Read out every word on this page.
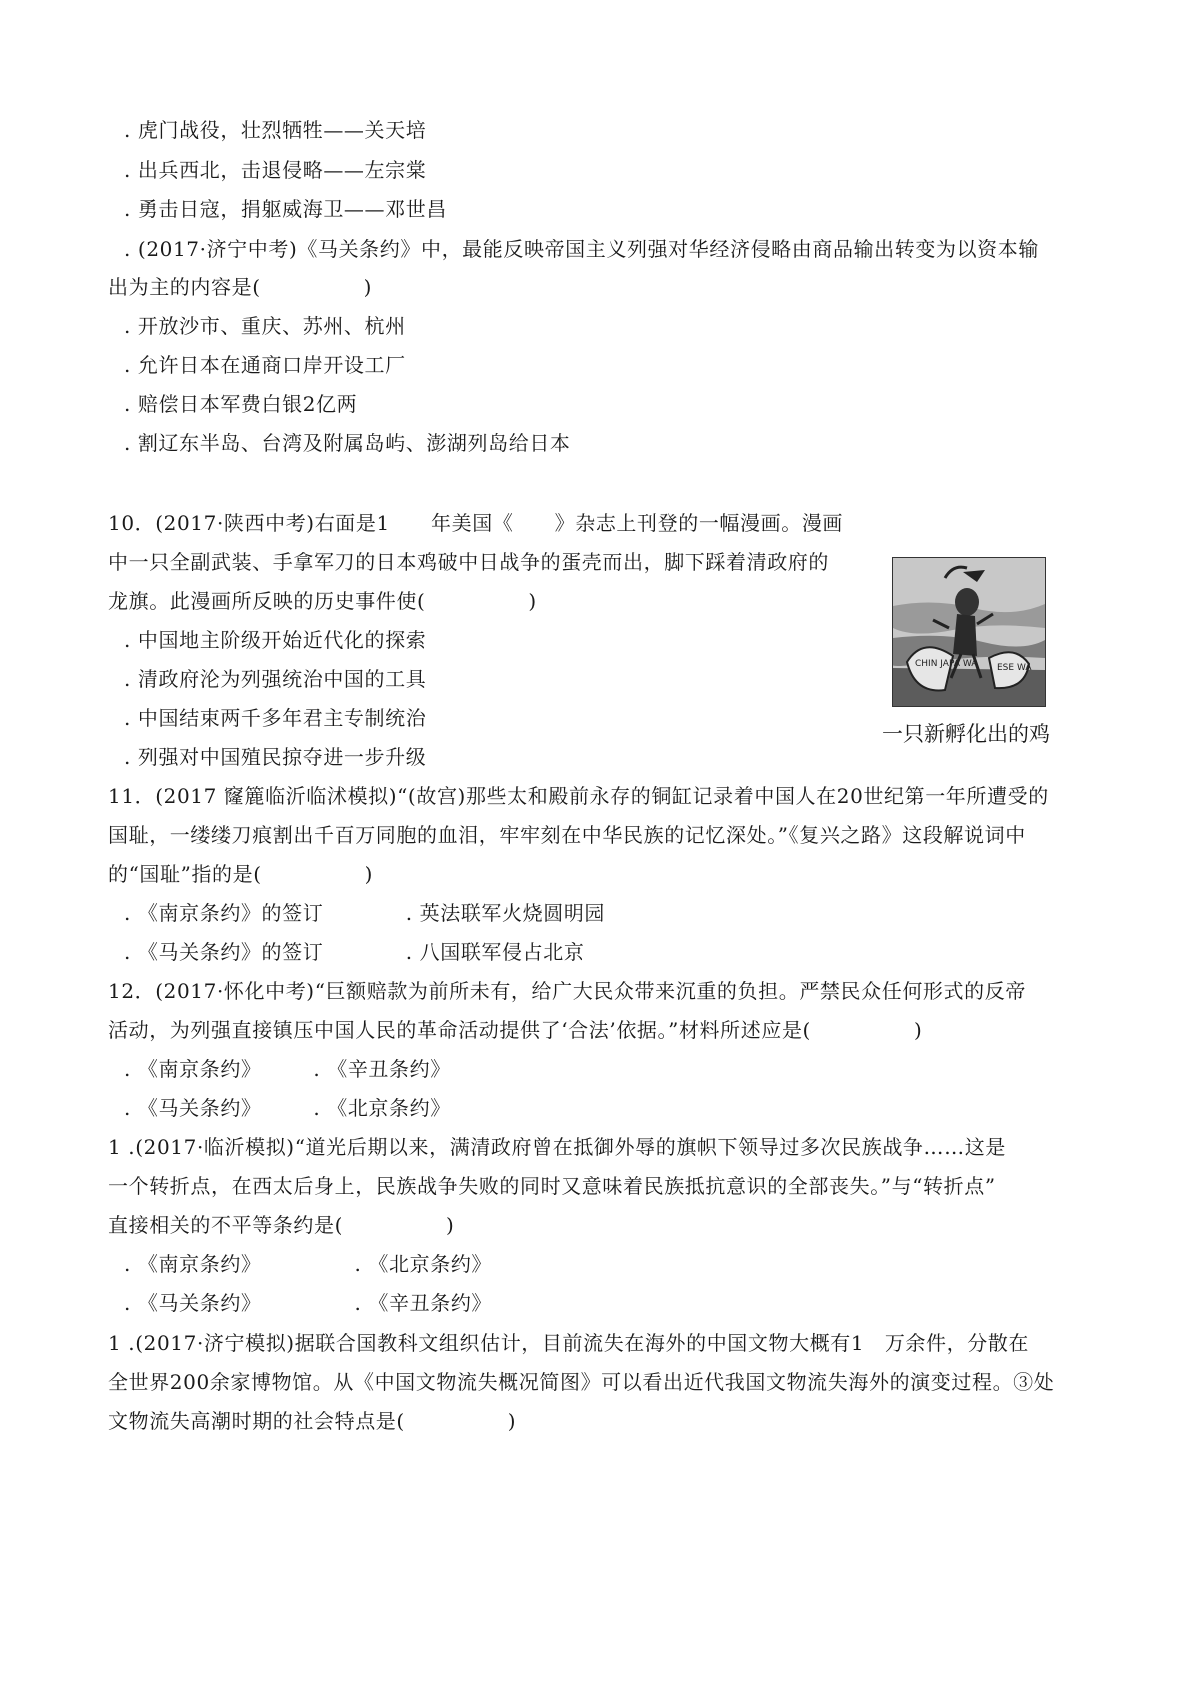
. 虎门战役，壮烈牺牲——关天培
. 出兵西北，击退侵略——左宗棠
. 勇击日寇，捐躯威海卫——邓世昌
. (2017·济宁中考)《马关条约》中，最能反映帝国主义列强对华经济侵略由商品输出转变为以资本输
出为主的内容是(　　　　　)
. 开放沙市、重庆、苏州、杭州
. 允许日本在通商口岸开设工厂
. 赔偿日本军费白银2亿两
. 割辽东半岛、台湾及附属岛屿、澎湖列岛给日本
10．(2017·陕西中考)右面是1　　年美国《　　》杂志上刊登的一幅漫画。漫画
中一只全副武装、手拿军刀的日本鸡破中日战争的蛋壳而出，脚下踩着清政府的
龙旗。此漫画所反映的历史事件使(　　　　　)
. 中国地主阶级开始近代化的探索
. 清政府沦为列强统治中国的工具
. 中国结束两千多年君主专制统治
. 列强对中国殖民掠夺进一步升级
11．(2017 窿簏临沂临沭模拟)“(故宫)那些太和殿前永存的铜缸记录着中国人在20世纪第一年所遭受的
国耻，一缕缕刀痕割出千百万同胞的血泪，牢牢刻在中华民族的记忆深处。”《复兴之路》这段解说词中
的“国耻”指的是(　　　　　)
. 《南京条约》的签订　　　　. 英法联军火烧圆明园
. 《马关条约》的签订　　　　. 八国联军侵占北京
12．(2017·怀化中考)“巨额赔款为前所未有，给广大民众带来沉重的负担。严禁民众任何形式的反帝
活动，为列强直接镇压中国人民的革命活动提供了‘合法’依据。”材料所述应是(　　　　　)
. 《南京条约》　　　. 《辛丑条约》
. 《马关条约》　　　. 《北京条约》
1 .(2017·临沂模拟)“道光后期以来，满清政府曾在抵御外辱的旗帜下领导过多次民族战争……这是
一个转折点，在西太后身上，民族战争失败的同时又意味着民族抵抗意识的全部丧失。”与“转折点”
直接相关的不平等条约是(　　　　　)
. 《南京条约》　　　　　. 《北京条约》
. 《马关条约》　　　　　. 《辛丑条约》
1 .(2017·济宁模拟)据联合国教科文组织估计，目前流失在海外的中国文物大概有1　万余件，分散在
全世界200余家博物馆。从《中国文物流失概况简图》可以看出近代我国文物流失海外的演变过程。③处
文物流失高潮时期的社会特点是(　　　　　)
CHIN JAPA WA ESE WA
一只新孵化出的鸡
